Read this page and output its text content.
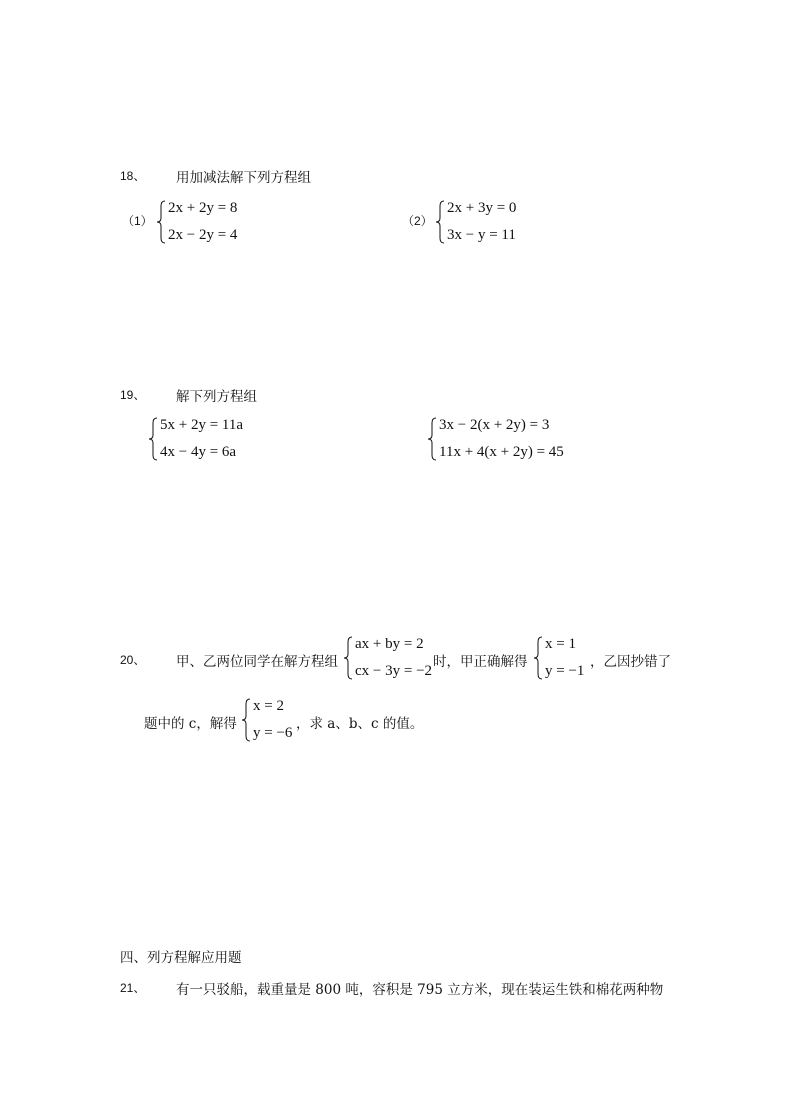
18、 用加减法解下列方程组
（1）
2x + 2y = 8
2x − 2y = 4
（2）
2x + 3y = 0
3x − y = 11
19、 解下列方程组
5x + 2y = 11a
4x − 4y = 6a
3x − 2(x + 2y) = 3
11x + 4(x + 2y) = 45
20、 甲、乙两位同学在解方程组
ax + by = 2
cx − 3y = −2
时，甲正确解得
x = 1
y = −1
，乙因抄错了
题中的 c，解得
x = 2
y = −6
，求 a、b、c 的值。
四、列方程解应用题
21、 有一只驳船，载重量是 800 吨，容积是 795 立方米，现在装运生铁和棉花两种物
